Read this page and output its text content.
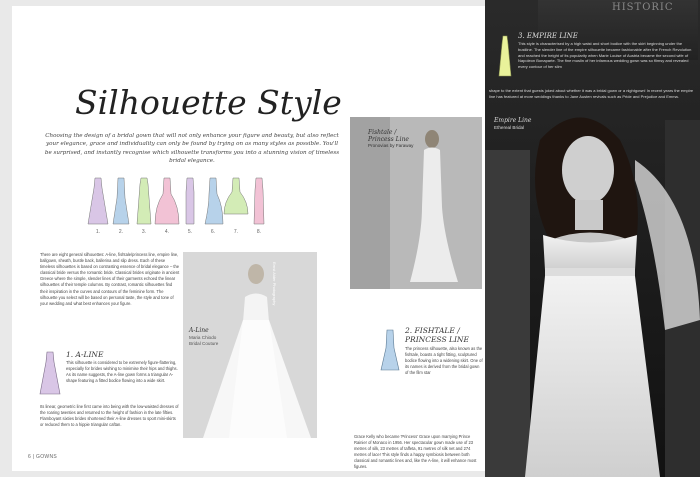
Silhouette Style
Choosing the design of a bridal gown that will not only enhance your figure and beauty, but also reflect your elegance, grace and individuality can only be found by trying on as many styles as possible. You'll be surprised, and instantly recognise which silhouette transforms you into a stunning vision of timeless bridal elegance.
1.	2.	3.	4.	5.	6.	7.	8.
There are eight general silhouettes: A-line, fishtale/princess line, empire line, ballgown, sheath, bustle back, ballerina and slip dress. Each of these timeless silhouettes is based on contrasting essence of bridal elegance – the classical bride versus the romantic bride. Classical brides originate in ancient Greece where the simple, slender lines of their garments echoed the linear silhouettes of their temple columns. By contrast, romantic silhouettes find their inspiration in the curves and contours of the feminine form. The silhouette you select will be based on personal taste, the style and tone of your wedding and what best enhances your figure.	Ernst Alder Photography
A-Line
Maria Chiodo
Bridal Couture
1. A-LINE
This silhouette is considered to be extremely figure-flattering, especially for brides wishing to minimise their hips and thighs. As its name suggests, the A-line gown forms a triangular A-shape featuring a fitted bodice flowing into a wide skirt.
Its linear, geometric line first came into being with the low-waisted dresses of the roaring twenties and returned to the height of fashion in the late fifties. Flamboyant sixties brides shortened their A-line dresses to sport mini-skirts or reduced them to a hippie triangular caftan.
6 | GOWNS
Fishtale /
Princess Line
Pronovias by Faraway
2. FISHTALE /
PRINCESS LINE
The princess silhouette, also known as the fishtale, boasts a tight fitting, sculptured bodice flowing into a widening skirt. One of its names is derived from the bridal gown of the film star
Grace Kelly who became 'Princess' Grace upon marrying Prince Rainier of Monaco in 1956. Her spectacular gown made use of 23 metres of silk, 23 metres of taffeta, 91 metres of silk net and 274 metres of lace! This style finds a happy symbiosis between both classical and romantic lines and, like the A-line, it will enhance most figures.
HISTORIC
3. EMPIRE LINE
This style is characterised by a high waist and short bodice with the skirt beginning under the bustline. The slender line of the empire silhouette became fashionable after the French Revolution and reached the height of its popularity when Marie Louise of Austria became the second wife of Napoleon Bonaparte. The fine muslin of her infamous wedding gown was so flimsy and revealed every contour of her slim
shape to the extent that guests joked about whether it was a bridal gown or a nightgown! In recent years the empire line has featured at more weddings thanks to Jane Austen revivals such as Pride and Prejudice and Emma.
Empire Line
Ethereal Bridal
